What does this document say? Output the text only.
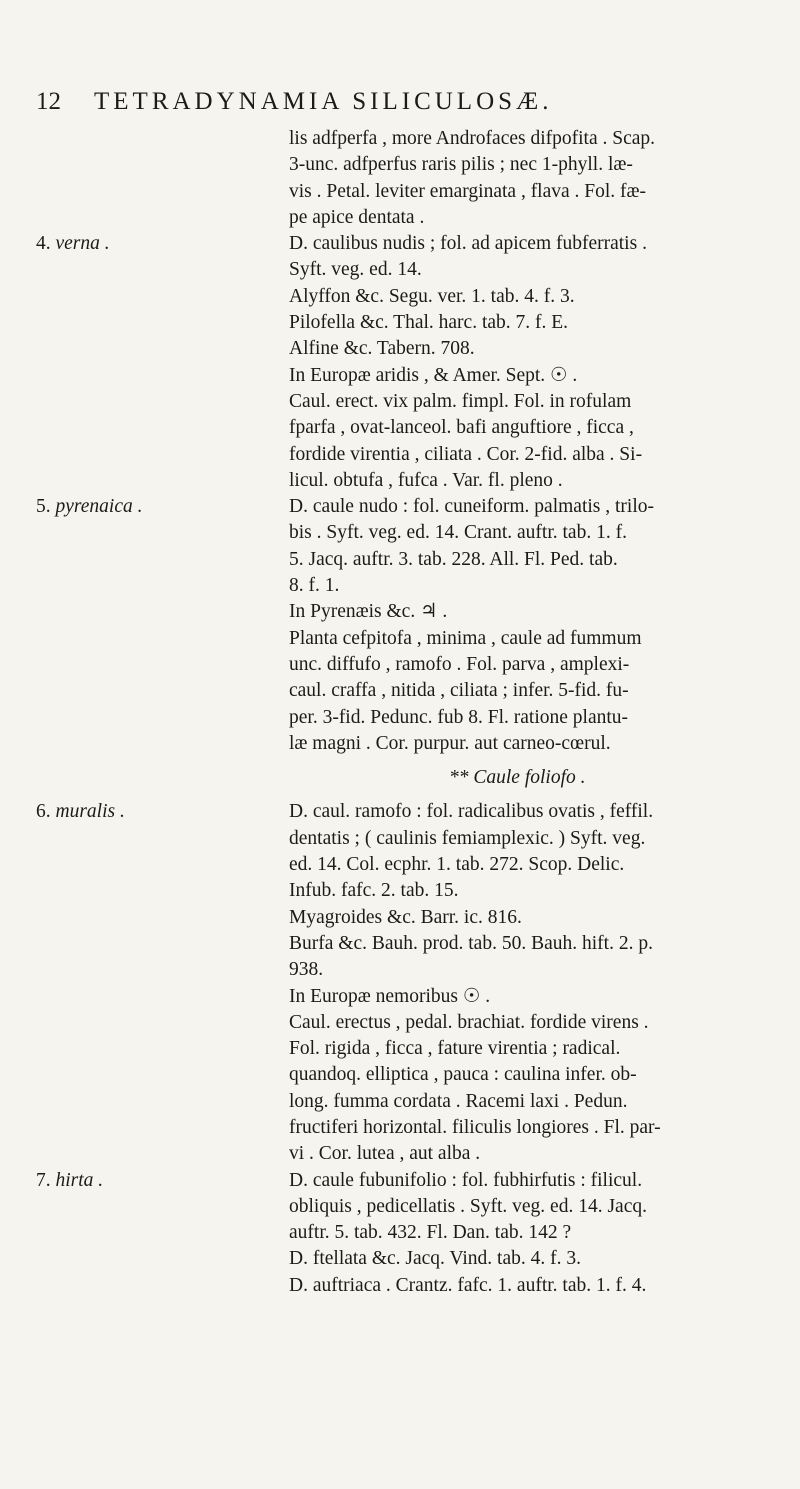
12	TETRADYNAMIA SILICULOSÆ.
lis adfperfa , more Androfaces difpofita . Scap.
3-unc. adfperfus raris pilis ; nec 1-phyll. læ-
vis . Petal. leviter emarginata , flava . Fol. fæ-
pe apice dentata .
4. verna .	D. caulibus nudis ; fol. ad apicem fubferratis .
Syft. veg. ed. 14.
Alyffon &c. Segu. ver. 1. tab. 4. f. 3.
Pilofella &c. Thal. harc. tab. 7. f. E.
Alfine &c. Tabern. 708.
In Europæ aridis , & Amer. Sept. ☉ .
Caul. erect. vix palm. fimpl. Fol. in rofulam
fparfa , ovat-lanceol. bafi anguftiore , ficca ,
fordide virentia , ciliata . Cor. 2-fid. alba . Si-
licul. obtufa , fufca . Var. fl. pleno .
5. pyrenaica .	D. caule nudo : fol. cuneiform. palmatis , trilo-
bis . Syft. veg. ed. 14. Crant. auftr. tab. 1. f.
5. Jacq. auftr. 3. tab. 228. All. Fl. Ped. tab.
8. f. 1.
In Pyrenæis &c. ♃ .
Planta cefpitofa , minima , caule ad fummum
unc. diffufo , ramofo . Fol. parva , amplexi-
caul. craffa , nitida , ciliata ; infer. 5-fid. fu-
per. 3-fid. Pedunc. fub 8. Fl. ratione plantu-
læ magni . Cor. purpur. aut carneo-cœrul.
** Caule foliofo .
6. muralis .	D. caul. ramofo : fol. radicalibus ovatis , feffil.
dentatis ; ( caulinis femiamplexic. ) Syft. veg.
ed. 14. Col. ecphr. 1. tab. 272. Scop. Delic.
Infub. fafc. 2. tab. 15.
Myagroides &c. Barr. ic. 816.
Burfa &c. Bauh. prod. tab. 50. Bauh. hift. 2. p.
938.
In Europæ nemoribus ☉ .
Caul. erectus , pedal. brachiat. fordide virens .
Fol. rigida , ficca , fature virentia ; radical.
quandoq. elliptica , pauca : caulina infer. ob-
long. fumma cordata . Racemi laxi . Pedun.
fructiferi horizontal. filiculis longiores . Fl. par-
vi . Cor. lutea , aut alba .
7. hirta .	D. caule fubunifolio : fol. fubhirfutis : filicul.
obliquis , pedicellatis . Syft. veg. ed. 14. Jacq.
auftr. 5. tab. 432. Fl. Dan. tab. 142 ?
D. ftellata &c. Jacq. Vind. tab. 4. f. 3.
D. auftriaca . Crantz. fafc. 1. auftr. tab. 1. f. 4.
